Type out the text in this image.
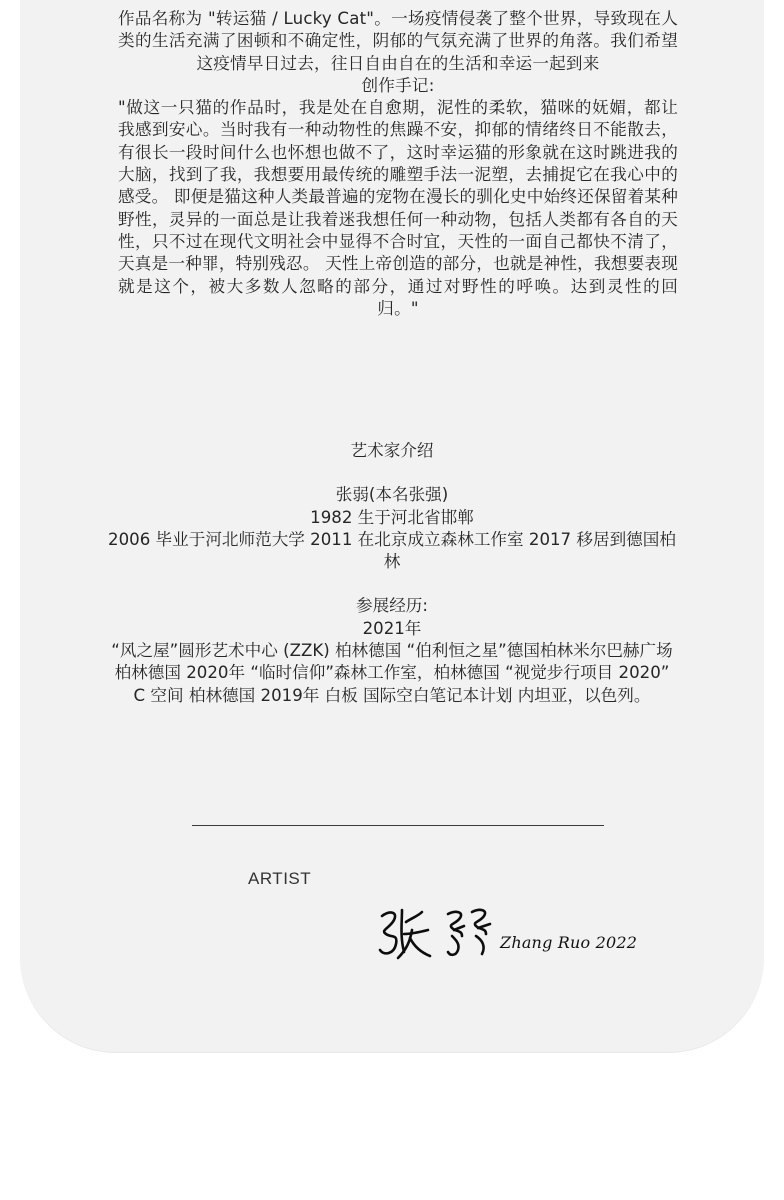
作品名称为 "转运猫 / Lucky Cat"。一场疫情侵袭了整个世界，导致现在人类的生活充满了困顿和不确定性，阴郁的气氛充满了世界的角落。我们希望这疫情早日过去，往日自由自在的生活和幸运一起到来

创作手记:

"做这一只猫的作品时，我是处在自愈期，泥性的柔软，猫咪的妩媚，都让我感到安心。当时我有一种动物性的焦躁不安，抑郁的情绪终日不能散去，有很长一段时间什么也怀想也做不了，这时幸运猫的形象就在这时跳进我的大脑，找到了我，我想要用最传统的雕塑手法一泥塑，去捕捉它在我心中的感受。 即便是猫这种人类最普遍的宠物在漫长的驯化史中始终还保留着某种野性，灵异的一面总是让我着迷我想任何一种动物，包括人类都有各自的天性，只不过在现代文明社会中显得不合时宜，天性的一面自己都快不清了，天真是一种罪，特别残忍。 天性上帝创造的部分，也就是神性，我想要表现就是这个，被大多数人忽略的部分，通过对野性的呼唤。达到灵性的回归。"

艺术家介绍

张弱(本名张强)

1982 生于河北省邯郸

2006 毕业于河北师范大学 2011 在北京成立森林工作室 2017 移居到德国柏林

参展经历:

2021年

“风之屋”圆形艺术中心 (ZZK) 柏林德国 “伯利恒之星”德国柏林米尔巴赫广场 柏林德国 2020年 “临时信仰”森林工作室，柏林德国 “视觉步行项目 2020” C 空间 柏林德国 2019年 白板 国际空白笔记本计划 内坦亚，以色列。

ARTIST
Zhang Ruo 2022
